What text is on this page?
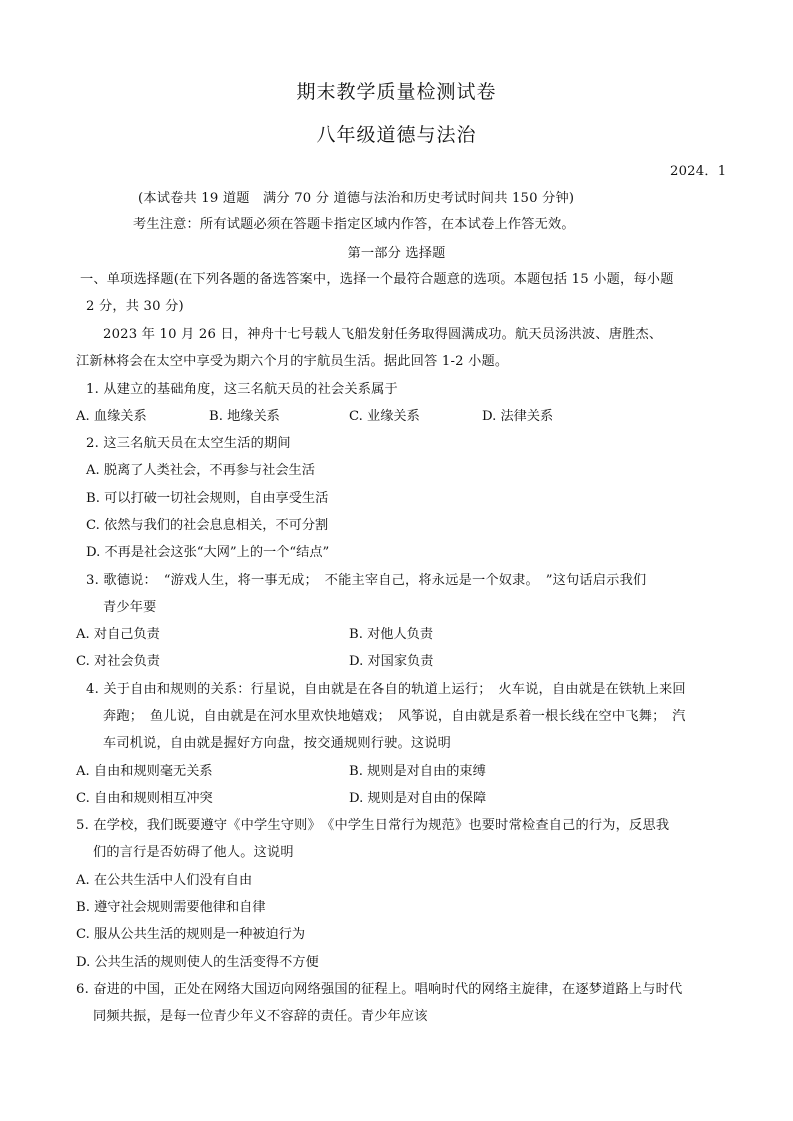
期末教学质量检测试卷
八年级道德与法治
2024．1
(本试卷共 19 道题　满分 70 分 道德与法治和历史考试时间共 150 分钟)
考生注意：所有试题必须在答题卡指定区域内作答，在本试卷上作答无效。
第一部分 选择题
一、单项选择题(在下列各题的备选答案中，选择一个最符合题意的选项。本题包括 15 小题，每小题
2 分，共 30 分)
2023 年 10 月 26 日，神舟十七号载人飞船发射任务取得圆满成功。航天员汤洪波、唐胜杰、
江新林将会在太空中享受为期六个月的宇航员生活。据此回答 1-2 小题。
1. 从建立的基础角度，这三名航天员的社会关系属于
A. 血缘关系	B. 地缘关系	C. 业缘关系	D. 法律关系
2. 这三名航天员在太空生活的期间
A. 脱离了人类社会，不再参与社会生活
B. 可以打破一切社会规则，自由享受生活
C. 依然与我们的社会息息相关，不可分割
D. 不再是社会这张“大网”上的一个“结点”
3. 歌德说：　“游戏人生，将一事无成；　不能主宰自己，将永远是一个奴隶。　”这句话启示我们
青少年要
A. 对自己负责	B. 对他人负责
C. 对社会负责	D. 对国家负责
4. 关于自由和规则的关系：行星说，自由就是在各自的轨道上运行；　火车说，自由就是在铁轨上来回
奔跑；　鱼儿说，自由就是在河水里欢快地嬉戏；　风筝说，自由就是系着一根长线在空中飞舞；　汽
车司机说，自由就是握好方向盘，按交通规则行驶。这说明
A. 自由和规则毫无关系	B. 规则是对自由的束缚
C. 自由和规则相互冲突	D. 规则是对自由的保障
5. 在学校，我们既要遵守《中学生守则》　《中学生日常行为规范》也要时常检查自己的行为，反思我
们的言行是否妨碍了他人。这说明
A. 在公共生活中人们没有自由
B. 遵守社会规则需要他律和自律
C. 服从公共生活的规则是一种被迫行为
D. 公共生活的规则使人的生活变得不方便
6. 奋进的中国，正处在网络大国迈向网络强国的征程上。唱响时代的网络主旋律，在逐梦道路上与时代
同频共振，是每一位青少年义不容辞的责任。青少年应该
